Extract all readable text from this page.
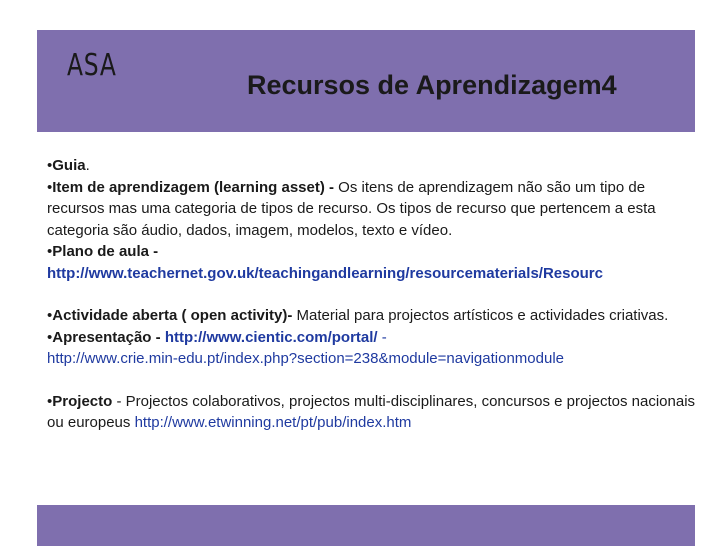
ASA
Recursos de Aprendizagem4

•Guia.

•Item de aprendizagem (learning asset) - Os itens de aprendizagem não são um tipo de recursos mas uma categoria de tipos de recurso. Os tipos de recurso que pertencem a esta categoria são áudio, dados, imagem, modelos, texto e vídeo.

•Plano de aula -

http://www.teachernet.gov.uk/teachingandlearning/resourcematerials/Resourc

•Actividade aberta ( open activity)- Material para projectos artísticos e actividades criativas.

•Apresentação - http://www.cientic.com/portal/ -

http://www.crie.min-edu.pt/index.php?section=238&module=navigationmodule

•Projecto - Projectos colaborativos, projectos multi-disciplinares, concursos e projectos nacionais ou europeus http://www.etwinning.net/pt/pub/index.htm
